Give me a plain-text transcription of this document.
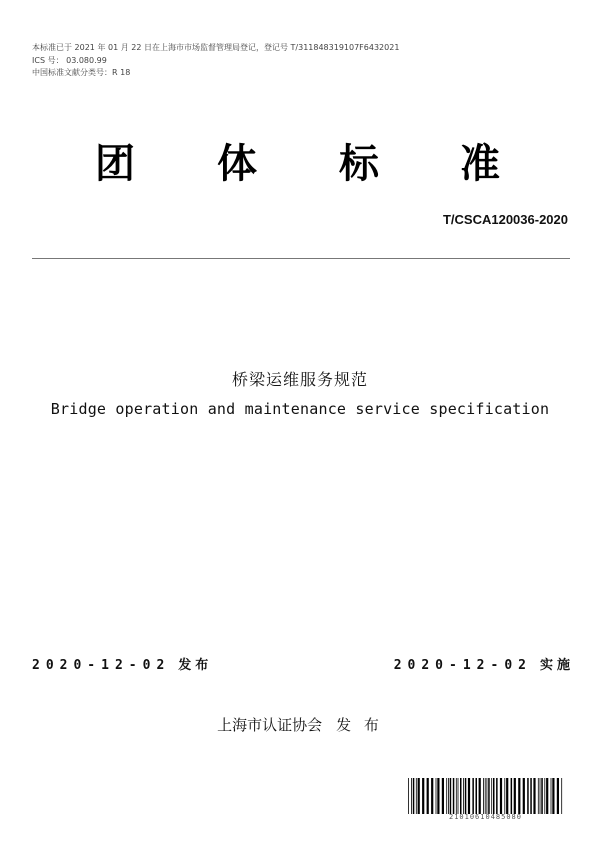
本标准已于 2021 年 01 月 22 日在上海市市场监督管理局登记，登记号 T/3118483191​07F6432021
ICS 号： 03.080.99
中国标准文献分类号：R 18
团 体 标 准
T/CSCA120036-2020
桥梁运维服务规范
Bridge operation and maintenance service specification
2020-12-02 发布	2020-12-02 实施
上海市认证协会 发 布
2101061​0485080
